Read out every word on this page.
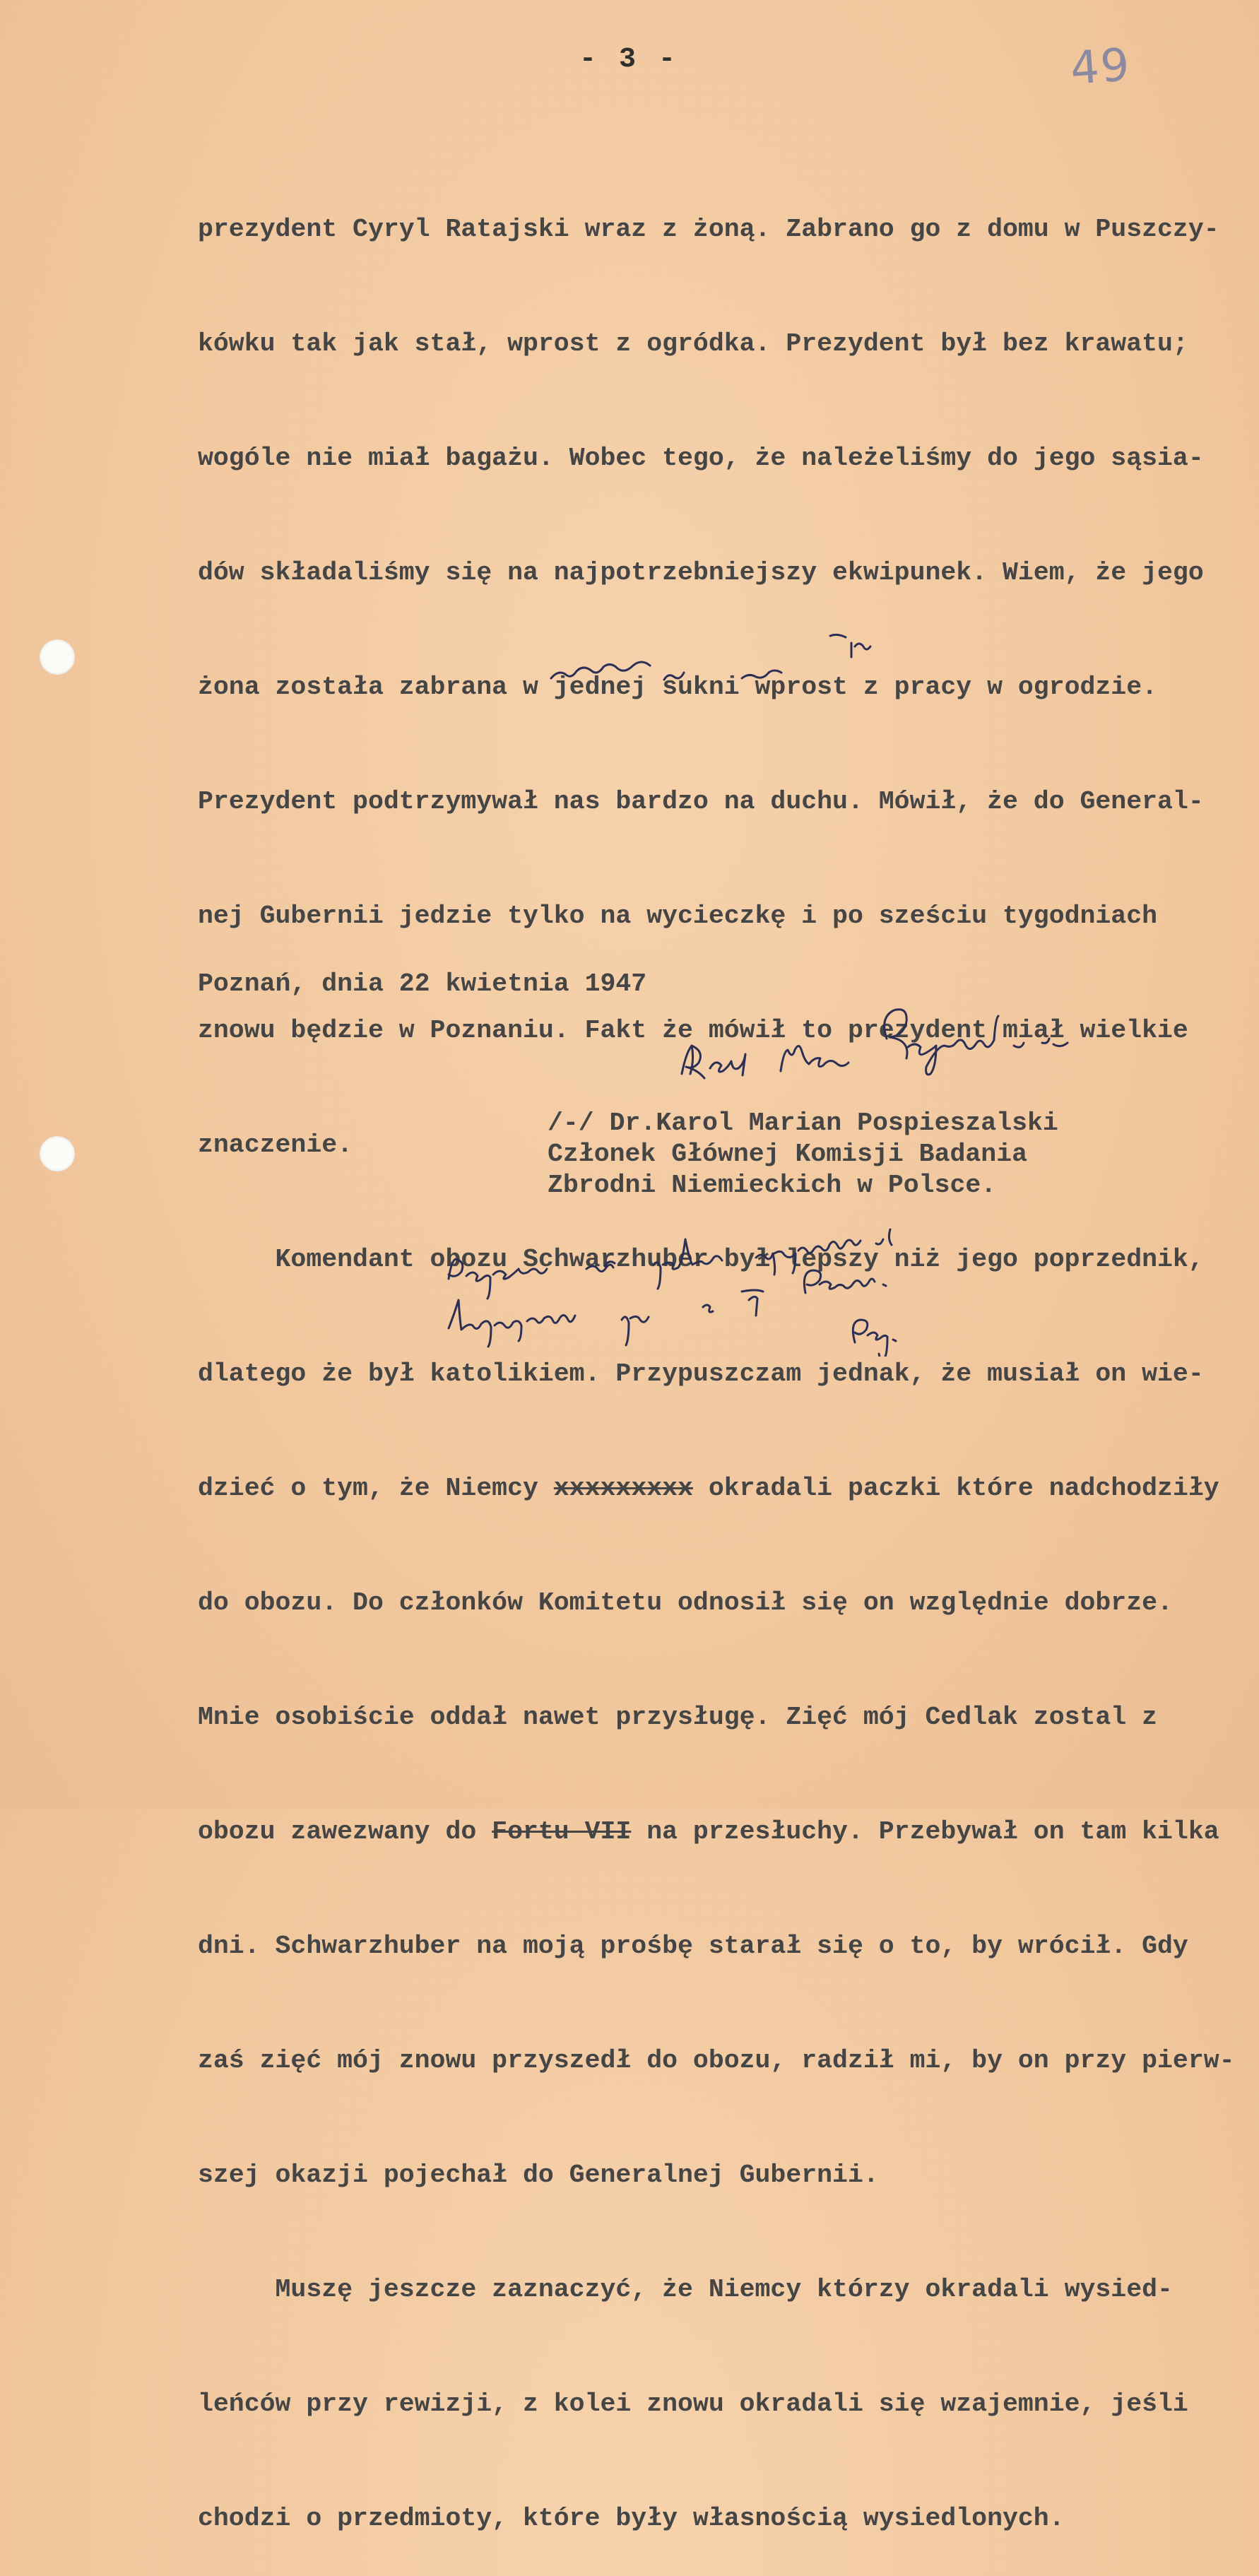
- 3 -	49

prezydent Cyryl Ratajski wraz z żoną. Zabrano go z domu w Puszczy-

kówku tak jak stał, wprost z ogródka. Prezydent był bez krawatu;

wogóle nie miał bagażu. Wobec tego, że należeliśmy do jego sąsia-

dów składaliśmy się na najpotrzebniejszy ekwipunek. Wiem, że jego

żona została zabrana w jednej sukni wprost z pracy w ogrodzie.

Prezydent podtrzymywał nas bardzo na duchu. Mówił, że do General-

nej Gubernii jedzie tylko na wycieczkę i po sześciu tygodniach

znowu będzie w Poznaniu. Fakt że mówił to prezydent miał wielkie

znaczenie.

Komendant obozu Schwarzhuber był lepszy niż jego poprzednik,

dlatego że był katolikiem. Przypuszczam jednak, że musiał on wie-

dzieć o tym, że Niemcy xxxxxxxxx okradali paczki które nadchodziły

do obozu. Do członków Komitetu odnosił się on względnie dobrze.

Mnie osobiście oddał nawet przysługę. Zięć mój Cedlak zostal z

obozu zawezwany do Fortu VII na przesłuchy. Przebywał on tam kilka

dni. Schwarzhuber na moją prośbę starał się o to, by wrócił. Gdy

zaś zięć mój znowu przyszedł do obozu, radził mi, by on przy pierw-

szej okazji pojechał do Generalnej Gubernii.

Muszę jeszcze zaznaczyć, że Niemcy którzy okradali wysied-

leńców przy rewizji, z kolei znowu okradali się wzajemnie, jeśli

chodzi o przedmioty, które były własnością wysiedlonych.

Poznań, dnia 22 kwietnia 1947
/-/ Dr.Karol Marian Pospieszalski
Członek Głównej Komisji Badania
Zbrodni Niemieckich w Polsce.
